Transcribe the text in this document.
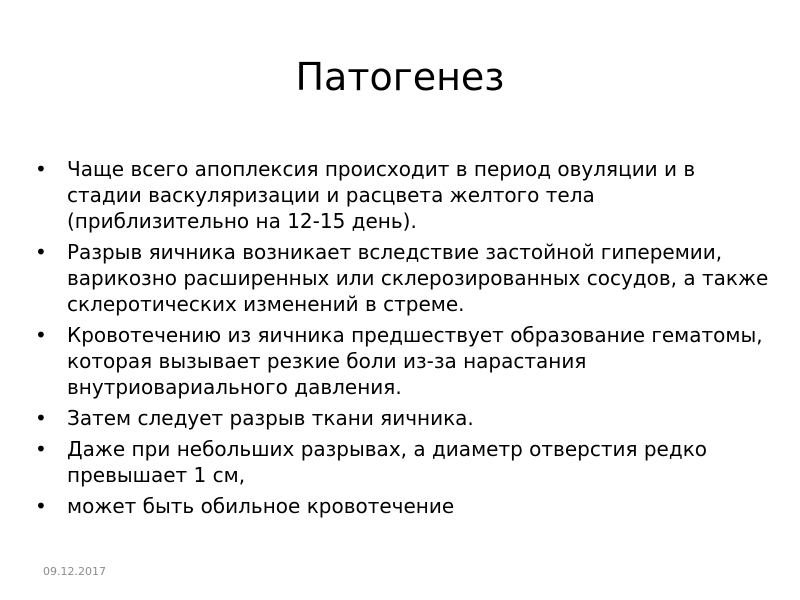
Патогенез
• Чаще всего апоплексия происходит в период овуляции и в стадии васкуляризации и расцвета желтого тела (приблизительно на 12-15 день).
• Разрыв яичника возникает вследствие застойной гиперемии, варикозно расширенных или склерозированных сосудов, а также склеротических изменений в стреме.
• Кровотечению из яичника предшествует образование гематомы, которая вызывает резкие боли из-за нарастания внутриовариального давления.
• Затем следует разрыв ткани яичника.
• Даже при небольших разрывах, а диаметр отверстия редко превышает 1 см,
• может быть обильное кровотечение
09.12.2017
